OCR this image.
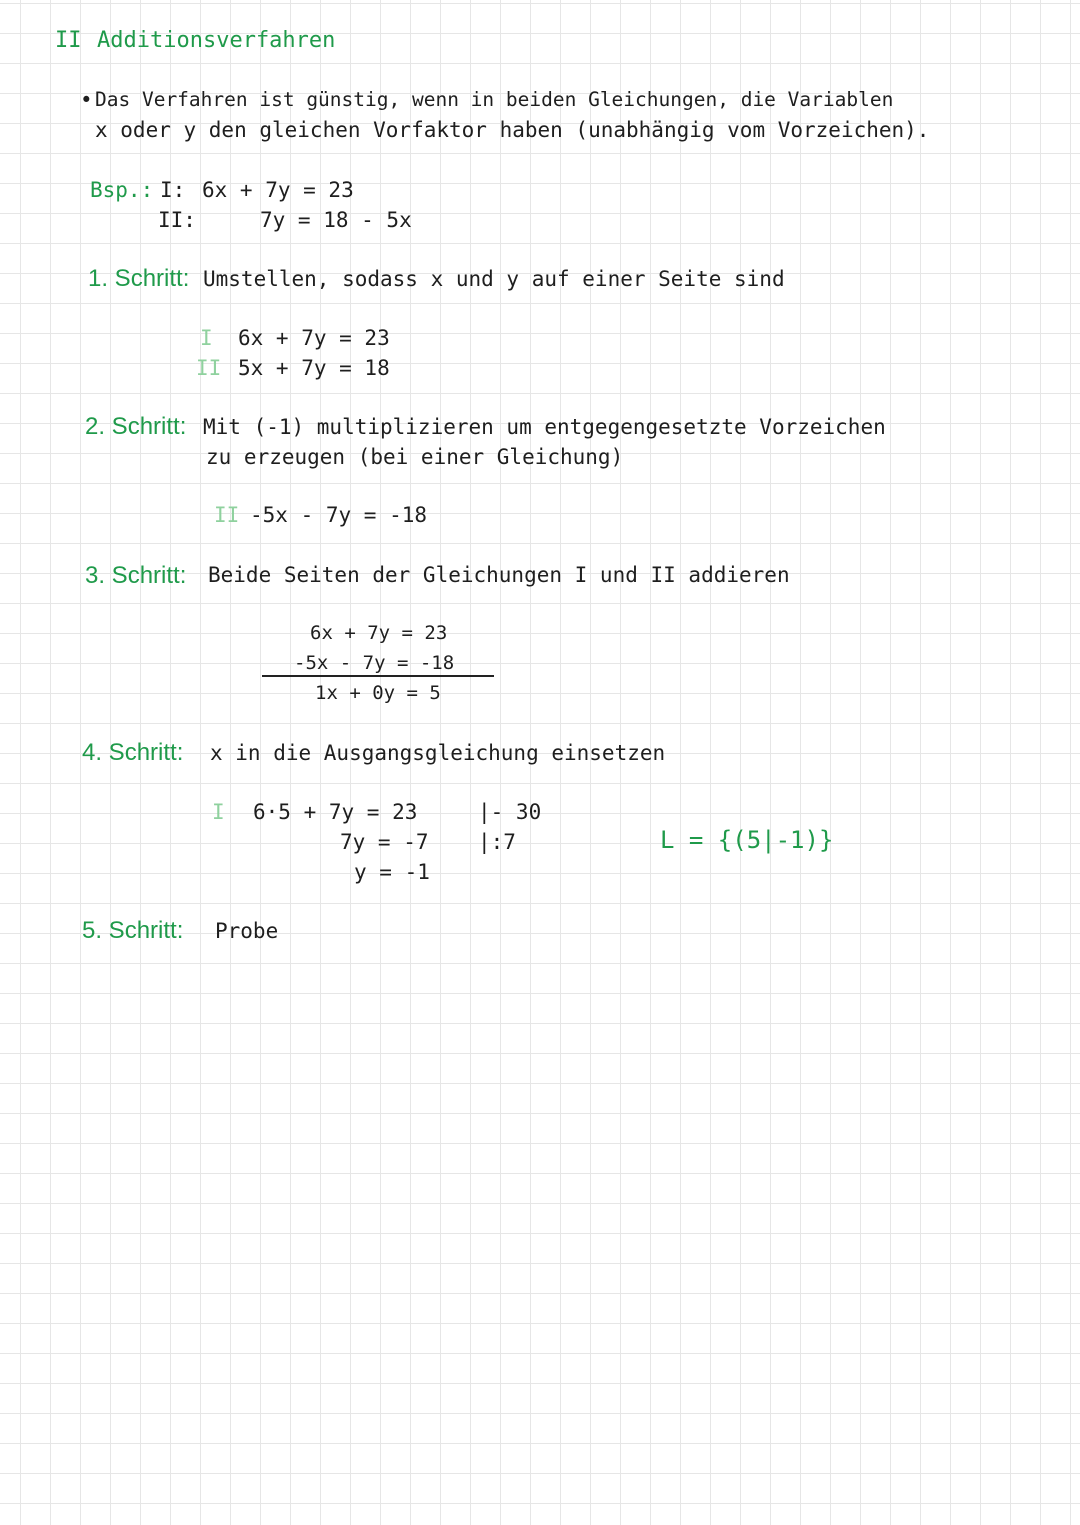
II Additionsverfahren
• Das Verfahren ist günstig, wenn in beiden Gleichungen, die Variablen
x oder y den gleichen Vorfaktor haben (unabhängig vom Vorzeichen).
Bsp.: I: 6x + 7y = 23
II:	7y = 18 - 5x
1. Schritt: Umstellen, sodass x und y auf einer Seite sind
I 6x + 7y = 23
II 5x + 7y = 18
2. Schritt: Mit (-1) multiplizieren um entgegengesetzte Vorzeichen
zu erzeugen (bei einer Gleichung)
II -5x - 7y = -18
3. Schritt: Beide Seiten der Gleichungen I und II addieren
6x + 7y = 23
-5x - 7y = -18
1x + 0y = 5
4. Schritt: x in die Ausgangsgleichung einsetzen
I 6·5 + 7y = 23	|- 30
7y = -7 |:7
y = -1
L = {(5|-1)}
5. Schritt: Probe
